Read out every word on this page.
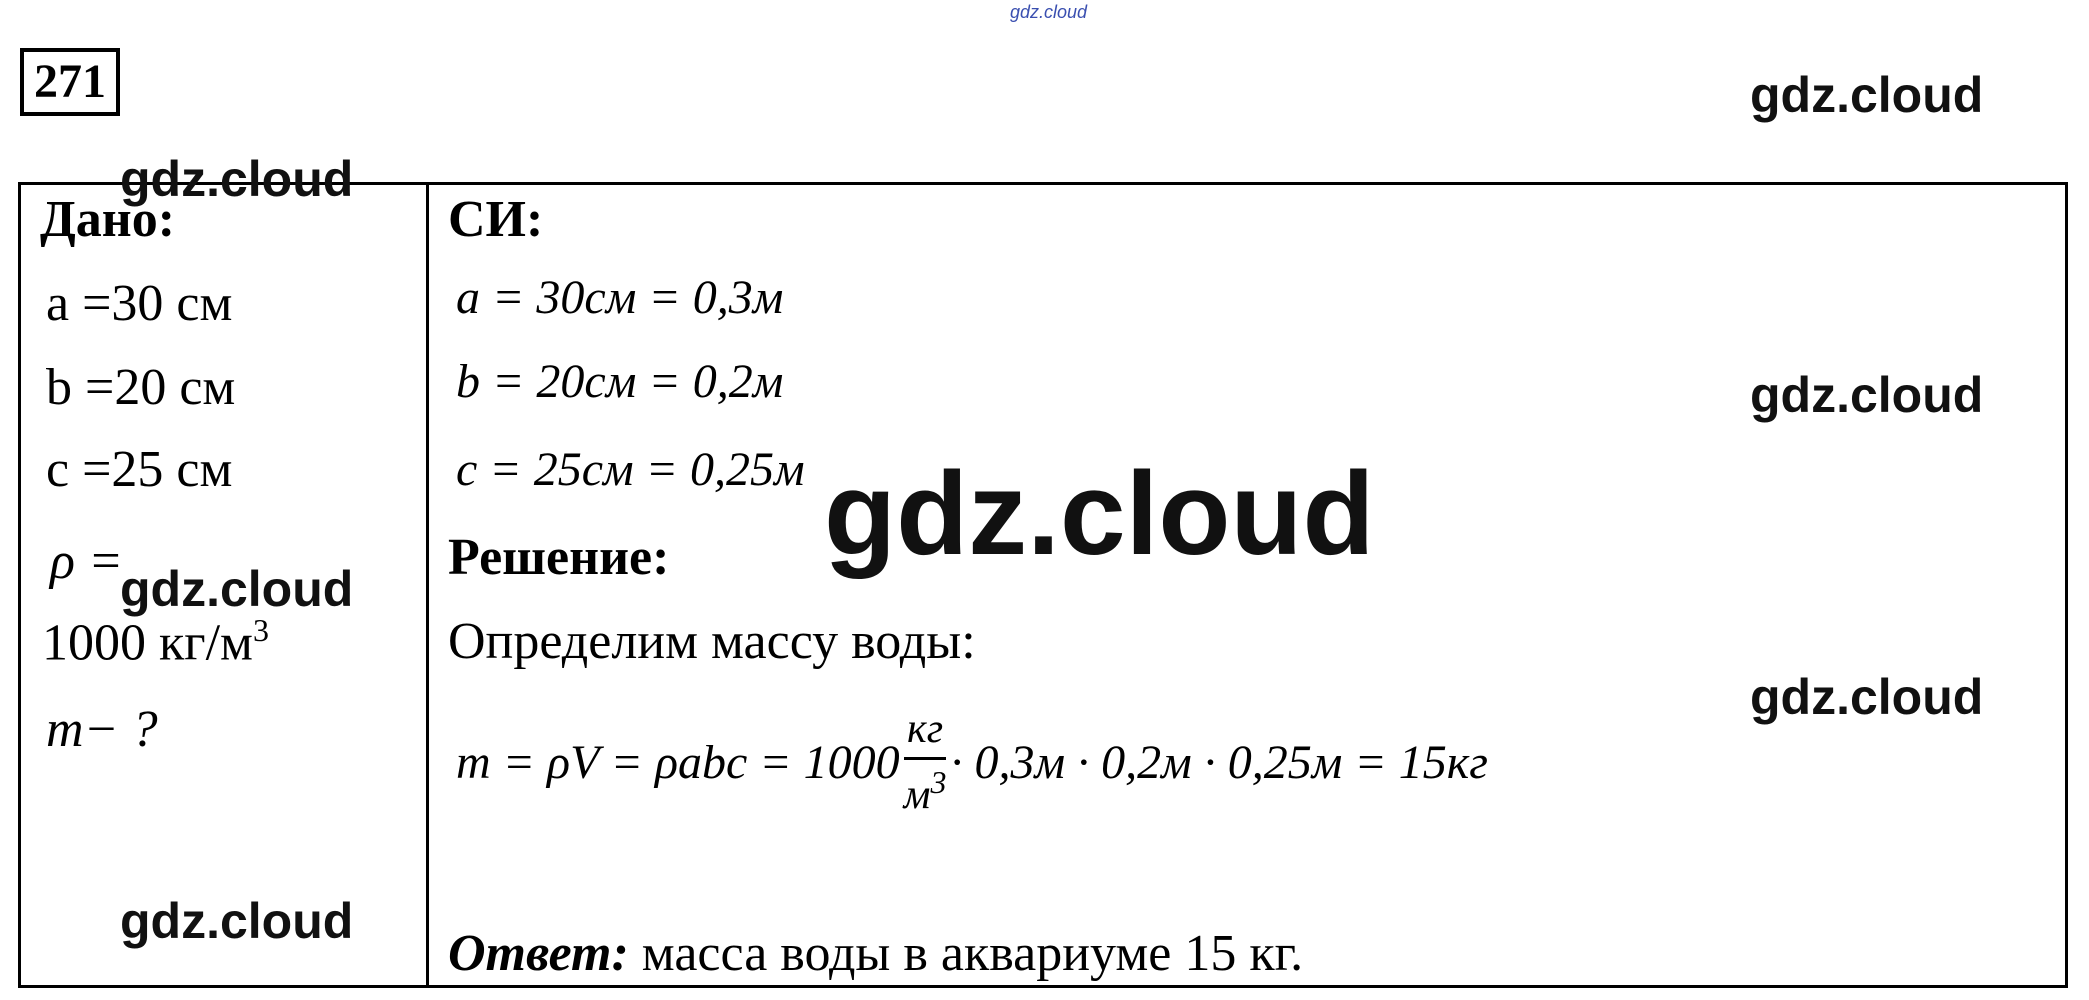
gdz.cloud
271
Дано:
a =30 см
b =20 см
c =25 см
ρ =
1000 $кг/м^3$
m− ?
СИ:
a = 30см = 0,3м
b = 20см = 0,2м
c = 25см = 0,25м
Решение:
Определим массу воды:
$m = \rho V = \rho abc = 1000 \frac{кг}{м^3} \cdot 0,3м \cdot 0,2м \cdot 0,25м = 15кг$
Ответ: масса воды в аквариуме 15 кг.
gdz.cloud
gdz.cloud
gdz.cloud
gdz.cloud
gdz.cloud
gdz.cloud
gdz.cloud
